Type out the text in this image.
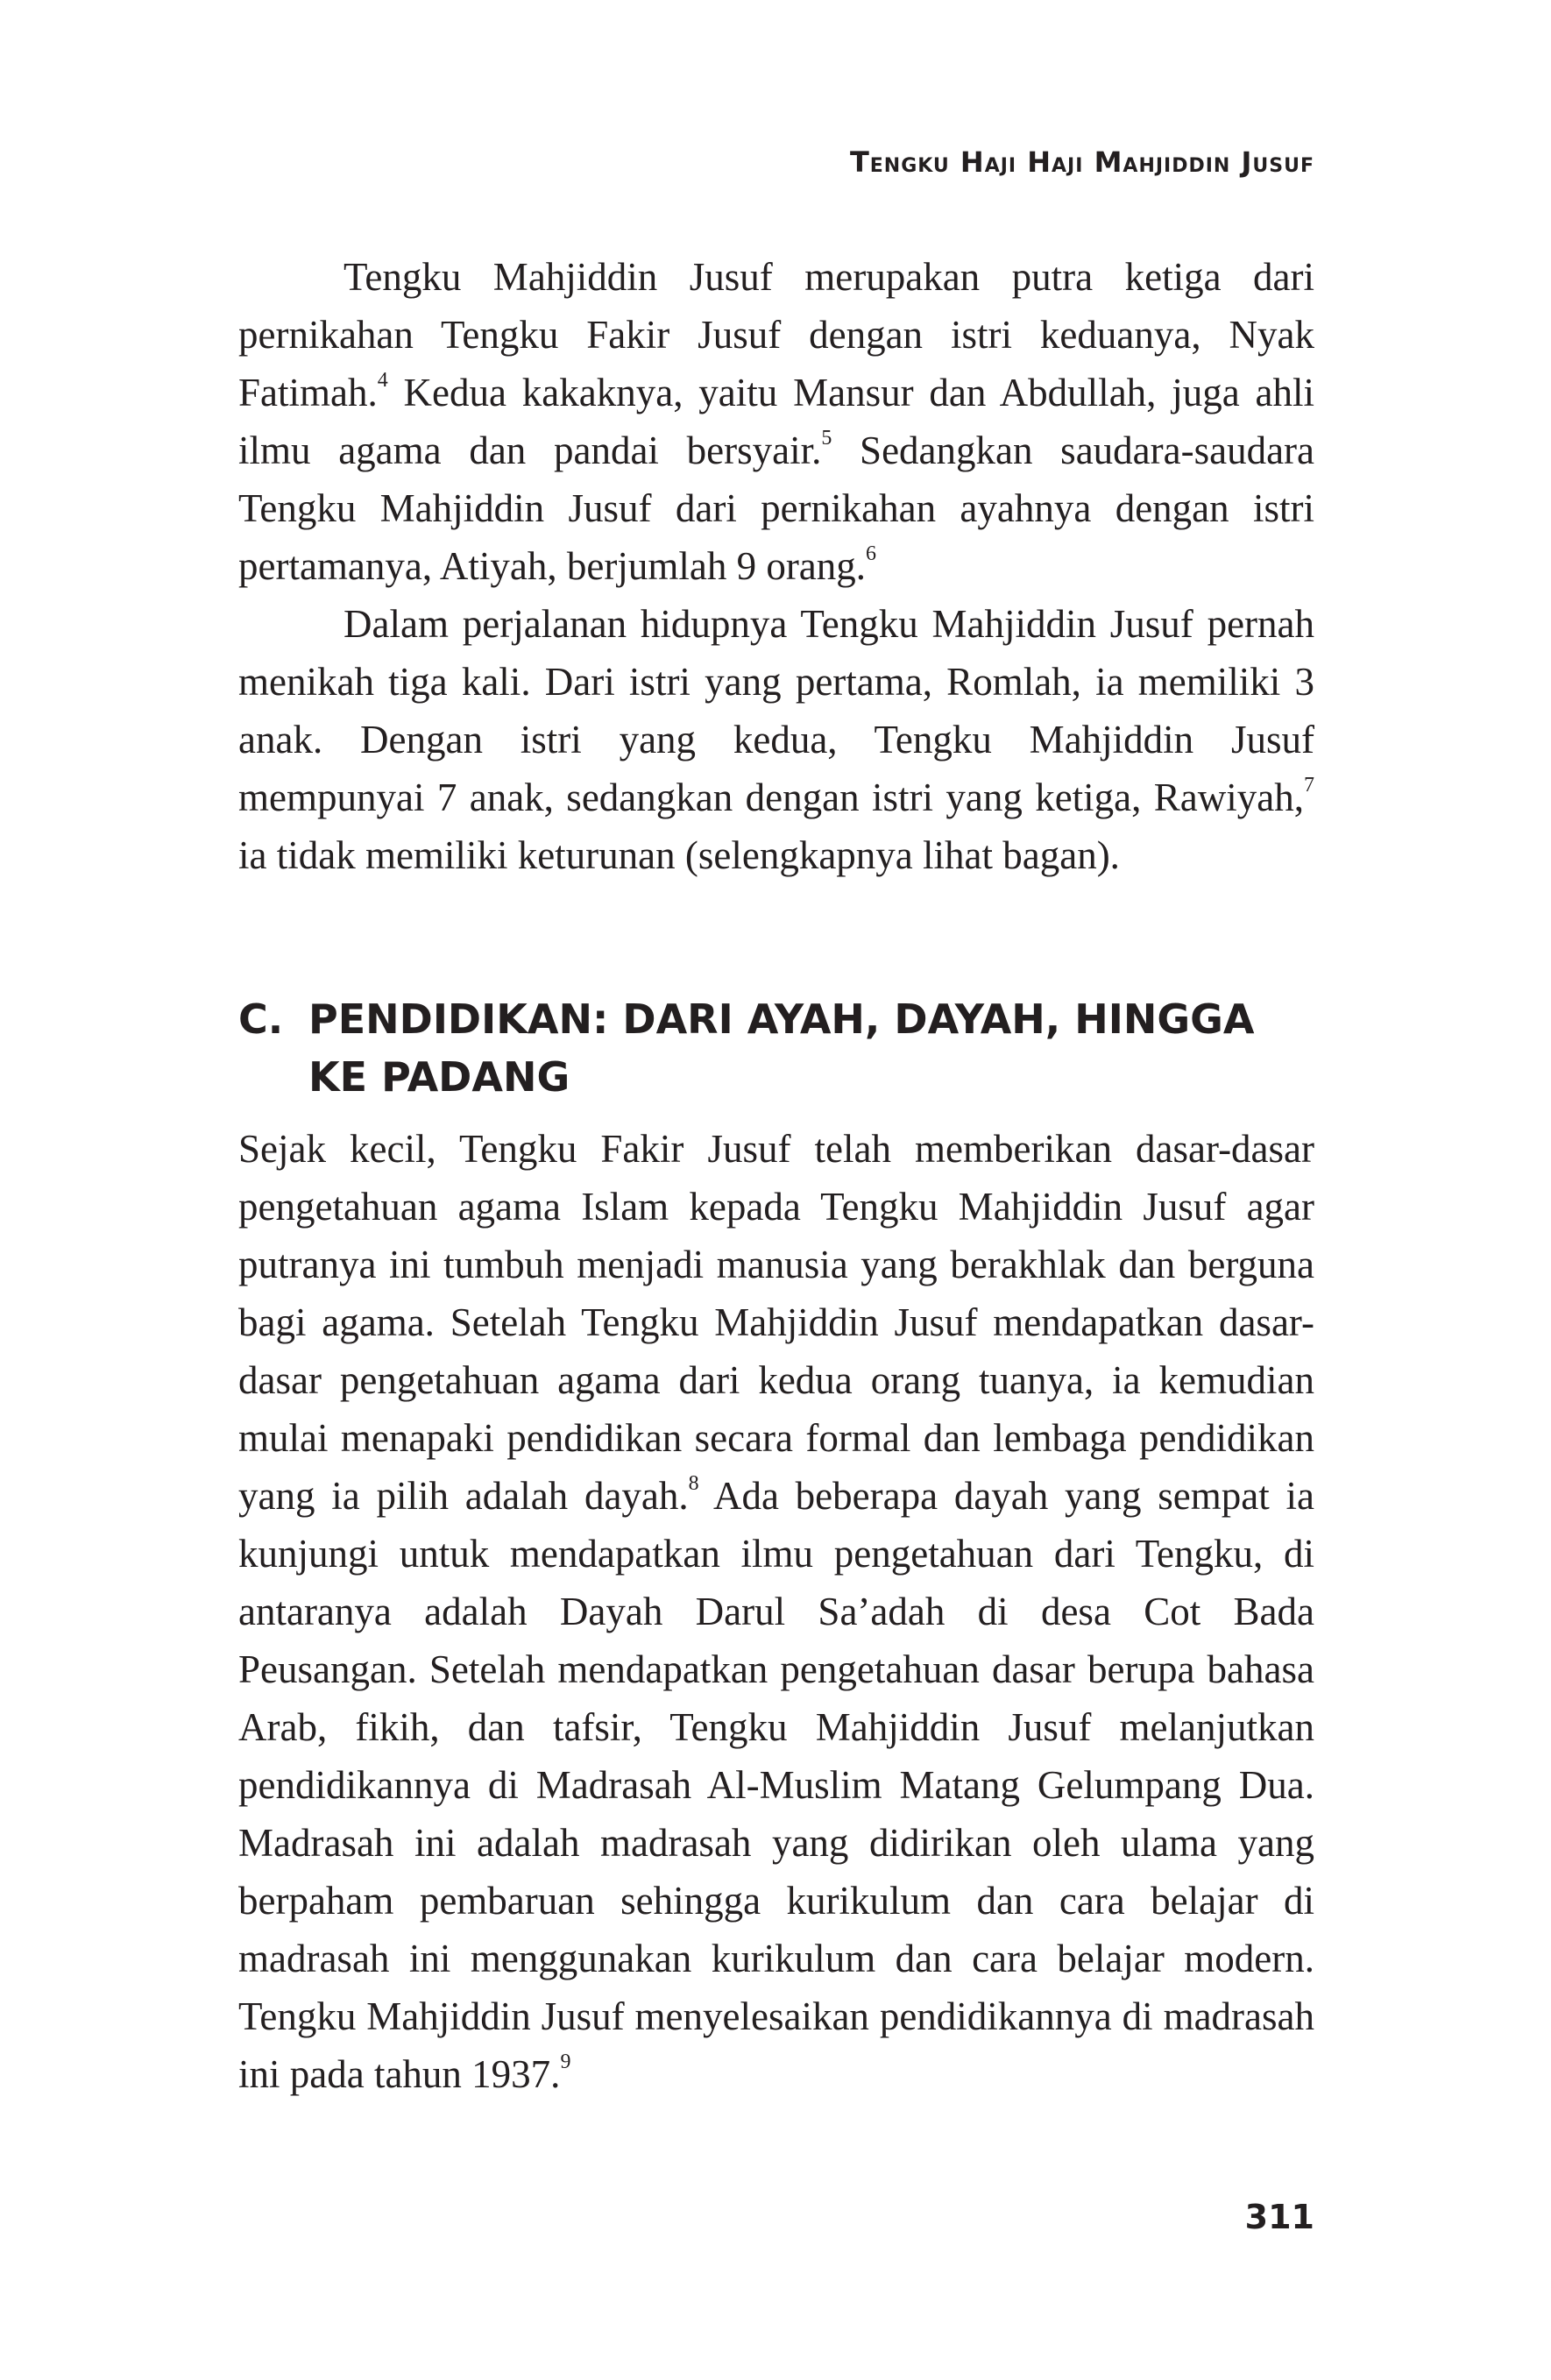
Tengku Haji Haji Mahjiddin Jusuf

Tengku Mahjiddin Jusuf merupakan putra ketiga dari pernikahan Tengku Fakir Jusuf dengan istri keduanya, Nyak Fatimah.$^4$ Kedua kakaknya, yaitu Mansur dan Abdullah, juga ahli ilmu agama dan pandai bersyair.$^5$ Sedangkan saudara-saudara Tengku Mahjiddin Jusuf dari pernikahan ayahnya dengan istri pertamanya, Atiyah, berjumlah 9 orang.$^6$

Dalam perjalanan hidupnya Tengku Mahjiddin Jusuf pernah menikah tiga kali. Dari istri yang pertama, Romlah, ia memiliki 3 anak. Dengan istri yang kedua, Tengku Mahjiddin Jusuf mempunyai 7 anak, sedangkan dengan istri yang ketiga, Rawiyah,$^7$ ia tidak memiliki keturunan (selengkapnya lihat bagan).

C. PENDIDIKAN: DARI AYAH, DAYAH, HINGGA KE PADANG

Sejak kecil, Tengku Fakir Jusuf telah memberikan dasar-dasar pengetahuan agama Islam kepada Tengku Mahjiddin Jusuf agar putranya ini tumbuh menjadi manusia yang berakhlak dan berguna bagi agama. Setelah Tengku Mahjiddin Jusuf mendapatkan dasar-dasar pengetahuan agama dari kedua orang tuanya, ia kemudian mulai menapaki pendidikan secara formal dan lembaga pendidikan yang ia pilih adalah dayah.$^8$ Ada beberapa dayah yang sempat ia kunjungi untuk mendapatkan ilmu pengetahuan dari Tengku, di antaranya adalah Dayah Darul Sa’adah di desa Cot Bada Peusangan. Setelah mendapatkan pengetahuan dasar berupa bahasa Arab, fikih, dan tafsir, Tengku Mahjiddin Jusuf melanjutkan pendidikannya di Madrasah Al-Muslim Matang Gelumpang Dua. Madrasah ini adalah madrasah yang didirikan oleh ulama yang berpaham pembaruan sehingga kurikulum dan cara belajar di madrasah ini menggunakan kurikulum dan cara belajar modern. Tengku Mahjiddin Jusuf menyelesaikan pendidikannya di madrasah ini pada tahun 1937.$^9$

311
